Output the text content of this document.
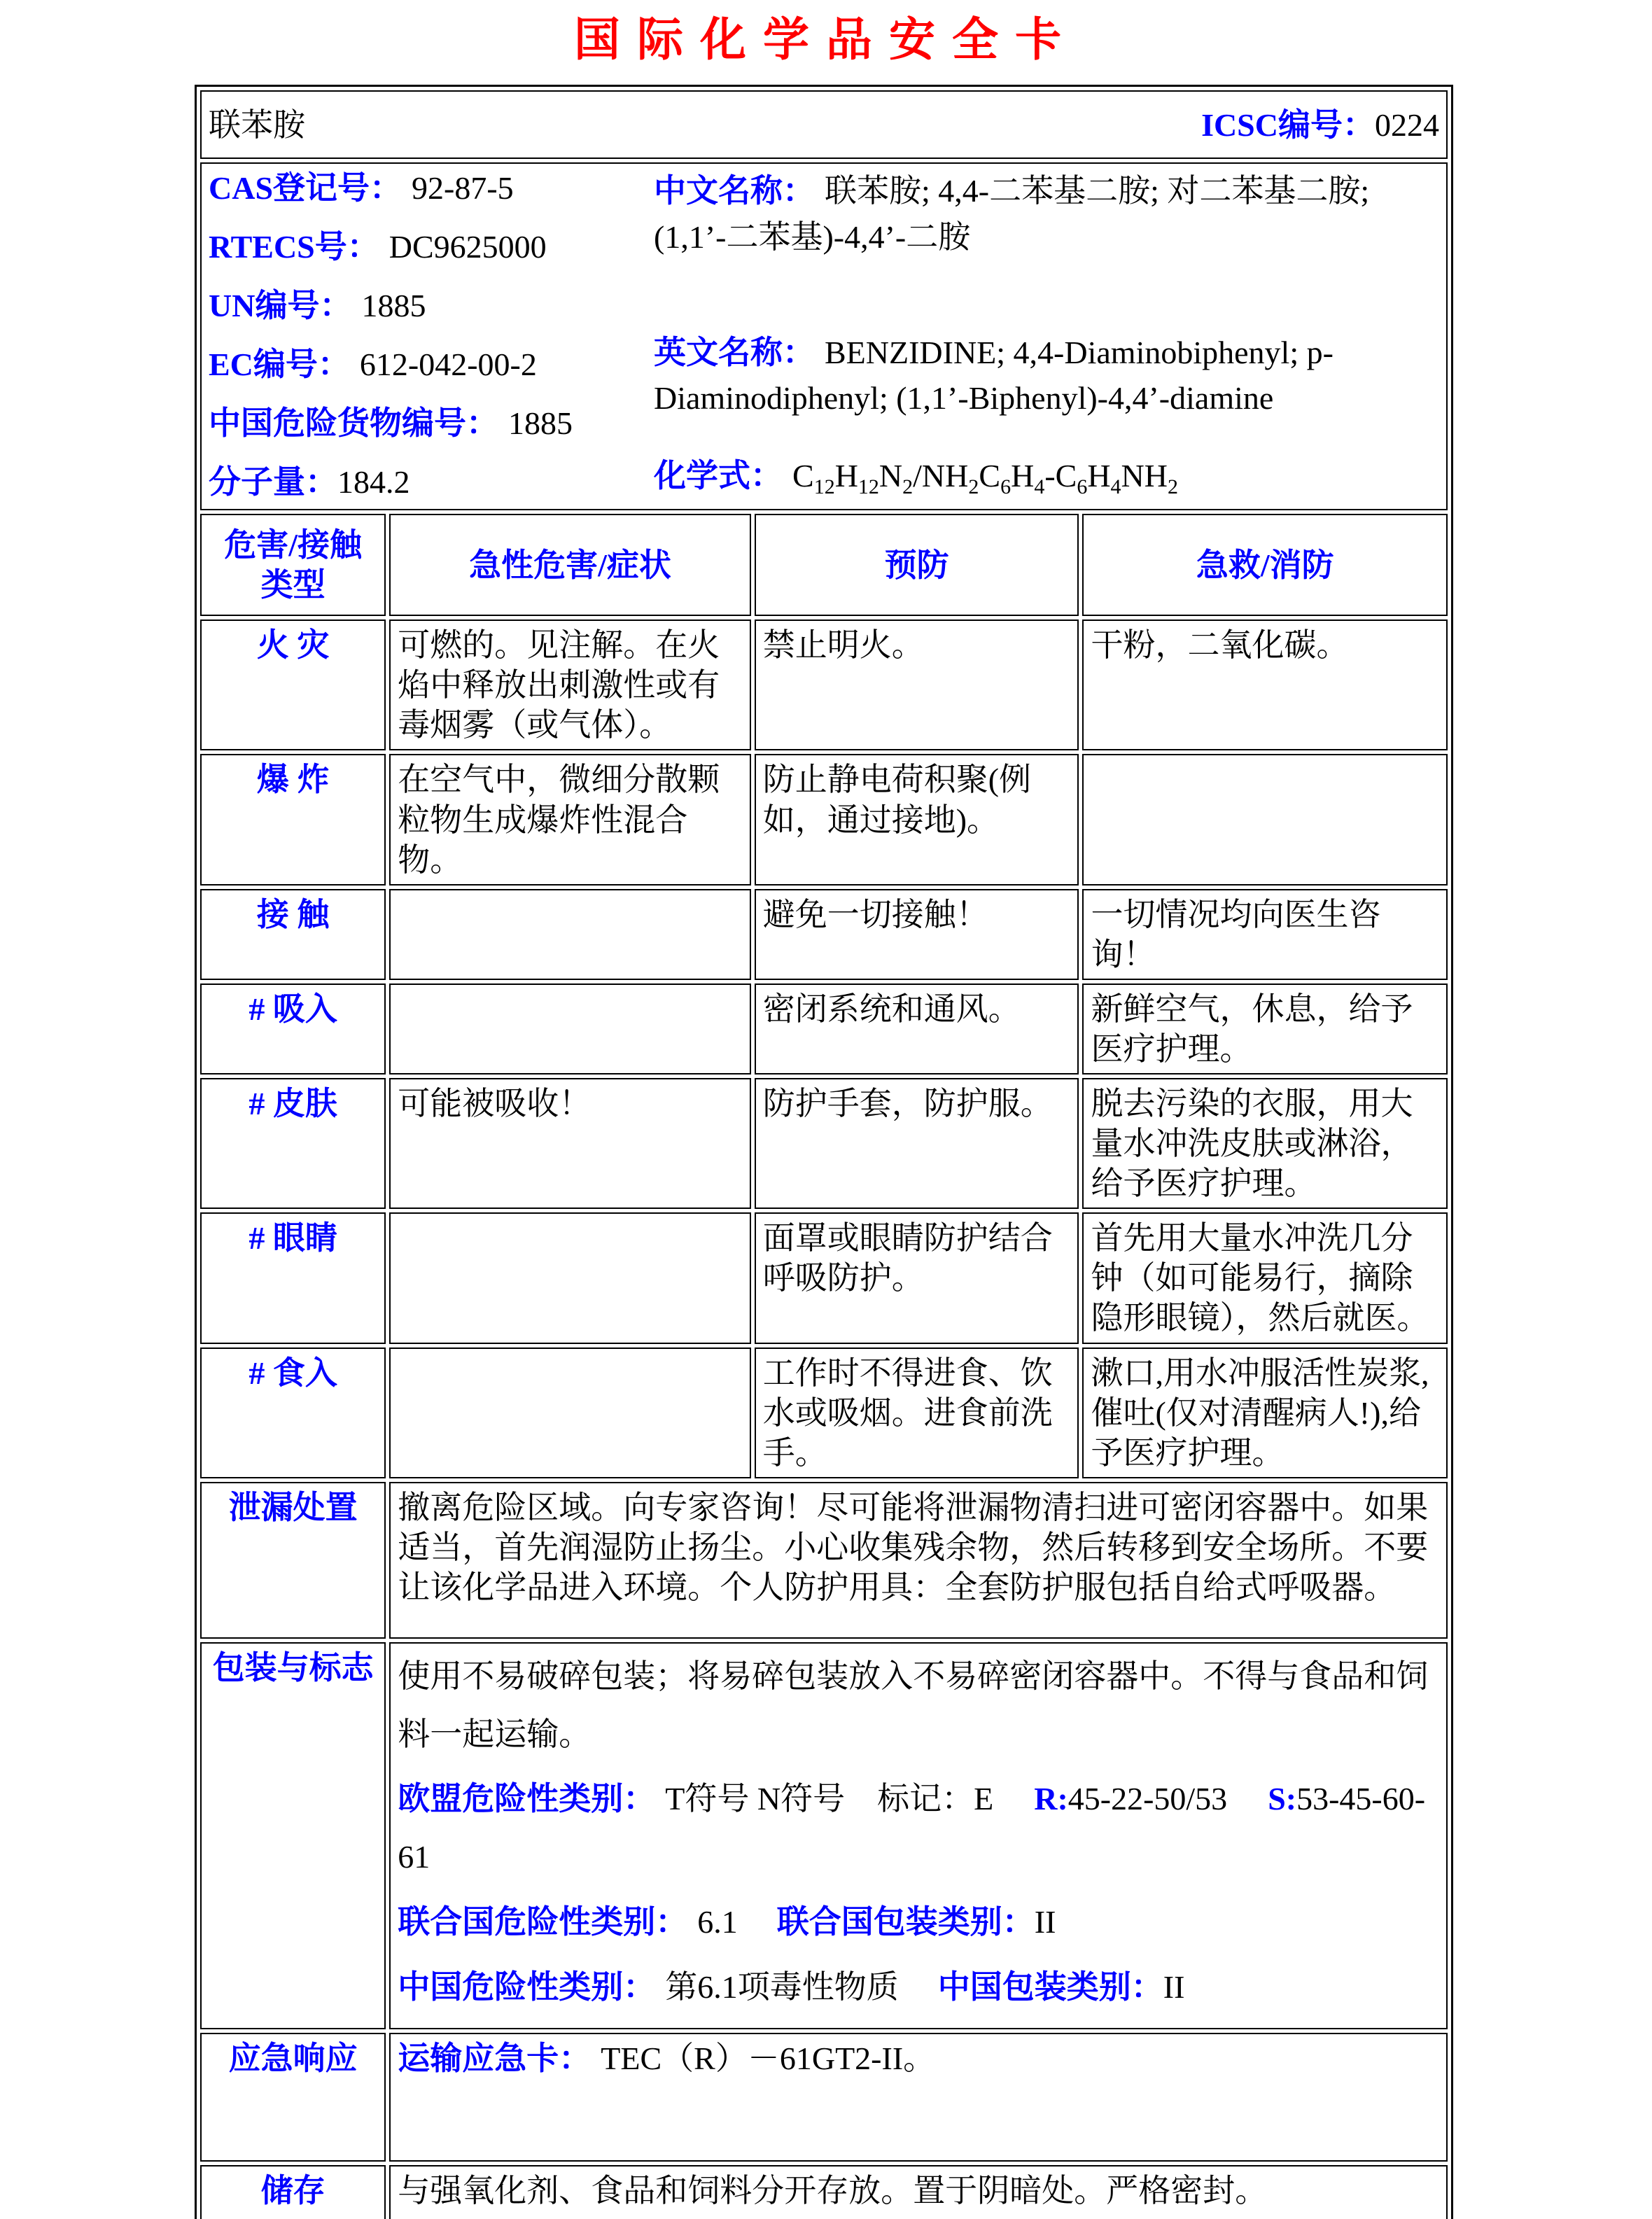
国际化学品安全卡
联苯胺 ICSC编号：0224			

CAS登记号： 92-87-5
RTECS号： DC9625000
UN编号： 1885
EC编号： 612-042-00-2
中国危险货物编号： 1885
分子量：184.2

中文名称： 联苯胺; 4,4-二苯基二胺; 对二苯基二胺; (1,1’-二苯基)-4,4’-二胺

英文名称： BENZIDINE; 4,4-Diaminobiphenyl; p-Diaminodiphenyl; (1,1’-Biphenyl)-4,4’-diamine

化学式： $C_{12}H_{12}N_2/NH_2C_6H_4-C_6H_4NH_2$

危害/接触类型	急性危害/症状	预防	急救/消防
火 灾	可燃的。见注解。在火焰中释放出刺激性或有毒烟雾（或气体）。	禁止明火。	干粉，二氧化碳。
爆 炸	在空气中，微细分散颗粒物生成爆炸性混合物。	防止静电荷积聚(例如，通过接地)。	
接 触		避免一切接触！	一切情况均向医生咨询！
# 吸入		密闭系统和通风。	新鲜空气，休息，给予医疗护理。
# 皮肤	可能被吸收！	防护手套，防护服。	脱去污染的衣服，用大量水冲洗皮肤或淋浴，给予医疗护理。
# 眼睛		面罩或眼睛防护结合呼吸防护。	首先用大量水冲洗几分钟（如可能易行，摘除隐形眼镜），然后就医。
# 食入		工作时不得进食、饮水或吸烟。进食前洗手。	漱口,用水冲服活性炭浆,催吐(仅对清醒病人!),给予医疗护理。
泄漏处置	撤离危险区域。向专家咨询！尽可能将泄漏物清扫进可密闭容器中。如果适当，首先润湿防止扬尘。小心收集残余物，然后转移到安全场所。不要让该化学品进入环境。个人防护用具：全套防护服包括自给式呼吸器。		
包装与标志	使用不易破碎包装；将易碎包装放入不易碎密闭容器中。不得与食品和饲料一起运输。

欧盟危险性类别： T符号 N符号　标记：E R:45-22-50/53 S:53-45-60-61

联合国危险性类别： 6.1 联合国包装类别：II

中国危险性类别： 第6.1项毒性物质 中国包装类别：II		

应急响应	运输应急卡： TEC（R）－61GT2-II。		
储存	与强氧化剂、食品和饲料分开存放。置于阴暗处。严格密封。		
